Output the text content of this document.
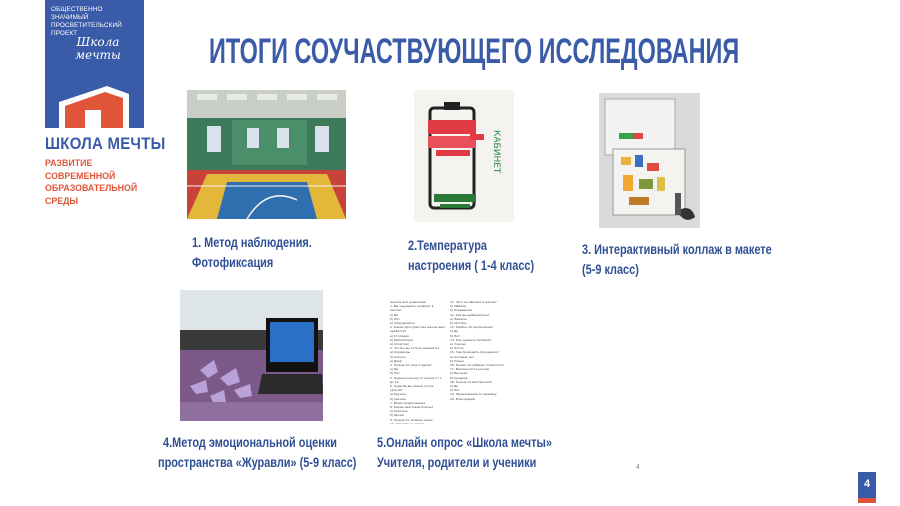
ОБЩЕСТВЕННО ЗНАЧИМЫЙ ПРОСВЕТИТЕЛЬСКИЙ ПРОЕКТ
Школа мечты
ШКОЛА МЕЧТЫ
РАЗВИТИЕ СОВРЕМЕННОЙ ОБРАЗОВАТЕЛЬНОЙ СРЕДЫ
ИТОГИ СОУЧАСТВУЮЩЕГО ИССЛЕДОВАНИЯ
КАБИНЕТ
Анкета для родителей
1. Вы ощущаете комфорт в школе?
а) Да
б) Нет
в) Затрудняюсь
2. Какие пространства школы вам нравятся?
а) Столовая
б) Библиотека
в) Спортзал
3. Что бы вы хотели изменить?
а) Коридоры
б) Классы
в) Двор
4. Нужна ли зона отдыха?
а) Да
б) Нет
5. Оцените школу по шкале от 1 до 10
6. Куда бы вы пошли после уроков?
а) Кружки
б) Секции
7. Ваши предложения
8. Какие цвета вам ближе?
а) Светлые
б) Яркие
9. Нужна ли зеленая зона?
10. Спасибо за ответы
11. Чего не хватает в школе?
а) Мебели
б) Освещения
12. Как вы добираетесь?
а) Пешком
б) Автобус
13. Удобно ли расписание?
а) Да
б) Нет
14. Как оценить питание?
а) Хорошо
б) Плохо
15. Где проводить праздники?
а) Актовый зал
б) Улица
16. Нужен ли кабинет психолога?
17. Безопасность школы
а) Высокая
б) Средняя
18. Нужна ли мастерская?
а) Да
б) Нет
19. Предложения по дизайну
20. Благодарим
1. Метод наблюдения.
Фотофиксация
2.Температура
настроения ( 1-4 класс)
3. Интерактивный коллаж в макете
(5-9 класс)
4.Метод эмоциональной оценки
пространства «Журавли» (5-9 класс)
5.Онлайн опрос «Школа мечты»
Учителя, родители и ученики	4
4
